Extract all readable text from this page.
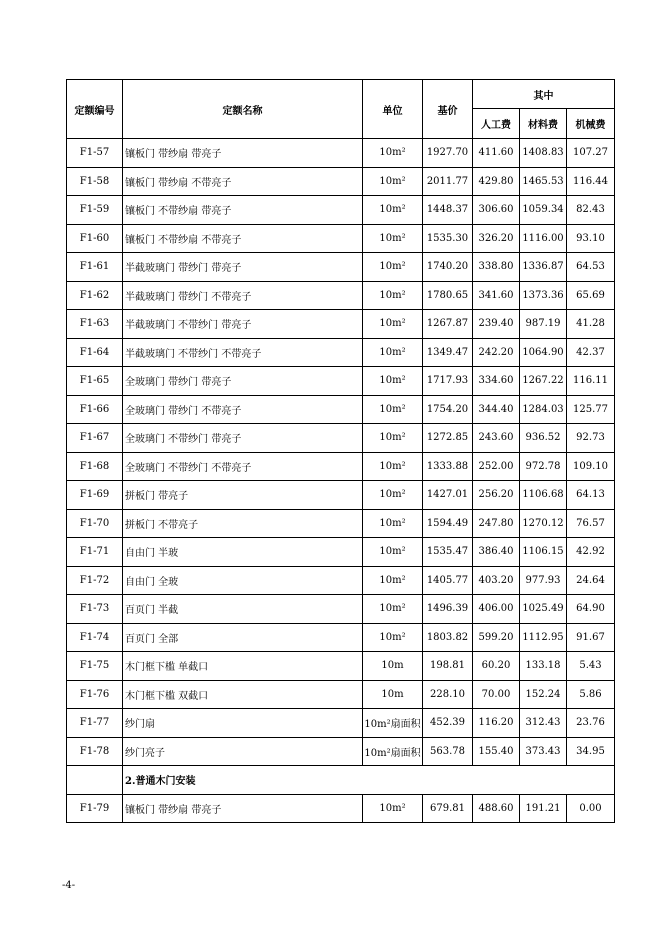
定额编号	定额名称	单位	基价	其中		
				人工费	材料费	机械费
F1-57	镶板门 带纱扇 带亮子	10m²	1927.70	411.60	1408.83	107.27
F1-58	镶板门 带纱扇 不带亮子	10m²	2011.77	429.80	1465.53	116.44
F1-59	镶板门 不带纱扇 带亮子	10m²	1448.37	306.60	1059.34	82.43
F1-60	镶板门 不带纱扇 不带亮子	10m²	1535.30	326.20	1116.00	93.10
F1-61	半截玻璃门 带纱门 带亮子	10m²	1740.20	338.80	1336.87	64.53
F1-62	半截玻璃门 带纱门 不带亮子	10m²	1780.65	341.60	1373.36	65.69
F1-63	半截玻璃门 不带纱门 带亮子	10m²	1267.87	239.40	987.19	41.28
F1-64	半截玻璃门 不带纱门 不带亮子	10m²	1349.47	242.20	1064.90	42.37
F1-65	全玻璃门 带纱门 带亮子	10m²	1717.93	334.60	1267.22	116.11
F1-66	全玻璃门 带纱门 不带亮子	10m²	1754.20	344.40	1284.03	125.77
F1-67	全玻璃门 不带纱门 带亮子	10m²	1272.85	243.60	936.52	92.73
F1-68	全玻璃门 不带纱门 不带亮子	10m²	1333.88	252.00	972.78	109.10
F1-69	拼板门 带亮子	10m²	1427.01	256.20	1106.68	64.13
F1-70	拼板门 不带亮子	10m²	1594.49	247.80	1270.12	76.57
F1-71	自由门 半玻	10m²	1535.47	386.40	1106.15	42.92
F1-72	自由门 全玻	10m²	1405.77	403.20	977.93	24.64
F1-73	百页门 半截	10m²	1496.39	406.00	1025.49	64.90
F1-74	百页门 全部	10m²	1803.82	599.20	1112.95	91.67
F1-75	木门框下槛 单截口	10m	198.81	60.20	133.18	5.43
F1-76	木门框下槛 双截口	10m	228.10	70.00	152.24	5.86
F1-77	纱门扇	10m²扇面积	452.39	116.20	312.43	23.76
F1-78	纱门亮子	10m²扇面积	563.78	155.40	373.43	34.95
	2.普通木门安装					
F1-79	镶板门 带纱扇 带亮子	10m²	679.81	488.60	191.21	0.00
-4-
